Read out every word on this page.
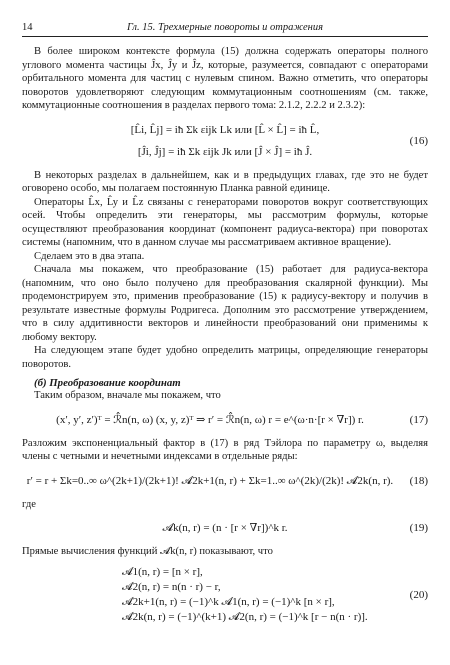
14	Гл. 15. Трехмерные повороты и отражения

В более широком контексте формула (15) должна содержать операторы полного углового момента частицы Ĵx, Ĵy и Ĵz, которые, разумеется, совпадают с операторами орбитального момента для частиц с нулевым спином. Важно отметить, что операторы поворотов удовлетворяют следующим коммутационным соотношениям (см. также, коммутационные соотношения в разделах первого тома: 2.1.2, 2.2.2 и 2.3.2):

[L̂i, L̂j] = iħ Σk εijk Lk или [L̂ × L̂] = iħ L̂,
[Ĵi, Ĵj] = iħ Σk εijk Jk или [Ĵ × Ĵ] = iħ Ĵ.
(16)

В некоторых разделах в дальнейшем, как и в предыдущих главах, где это не будет оговорено особо, мы полагаем постоянную Планка равной единице.

Операторы L̂x, L̂y и L̂z связаны с генераторами поворотов вокруг соответствующих осей. Чтобы определить эти генераторы, мы рассмотрим формулы, которые осуществляют преобразования координат (компонент радиуса-вектора) при поворотах системы (напомним, что в данном случае мы рассматриваем активное вращение).

Сделаем это в два этапа.

Сначала мы покажем, что преобразование (15) работает для радиуса-вектора (напомним, что оно было получено для преобразования скалярной функции). Мы продемонстрируем это, применив преобразование (15) к радиусу-вектору и получив в результате известные формулы Родригеса. Дополним это рассмотрение утверждением, что в силу аддитивности векторов и линейности преобразований они применимы к любому вектору.

На следующем этапе будет удобно определить матрицы, определяющие генераторы поворотов.

(б) Преобразование координат

Таким образом, вначале мы покажем, что

(x′, y′, z′)ᵀ = ℛ̂n(n, ω) (x, y, z)ᵀ ⇒ r′ = ℛ̂n(n, ω) r = e^(ω·n·[r × ∇r]) r.	(17)

Разложим экспоненциальный фактор в (17) в ряд Тэйлора по параметру ω, выделяя члены с четными и нечетными индексами в отдельные ряды:

r′ = r + Σk=0..∞ ω^(2k+1)/(2k+1)! 𝓐2k+1(n, r) + Σk=1..∞ ω^(2k)/(2k)! 𝓐2k(n, r).	(18)

где

𝓐k(n, r) = (n · [r × ∇r])^k r.	(19)

Прямые вычисления функций 𝓐k(n, r) показывают, что

𝓐1(n, r) = [n × r],
𝓐2(n, r) = n(n · r) − r,
𝓐2k+1(n, r) = (−1)^k 𝓐1(n, r) = (−1)^k [n × r],
𝓐2k(n, r) = (−1)^(k+1) 𝓐2(n, r) = (−1)^k [r − n(n · r)].
(20)
